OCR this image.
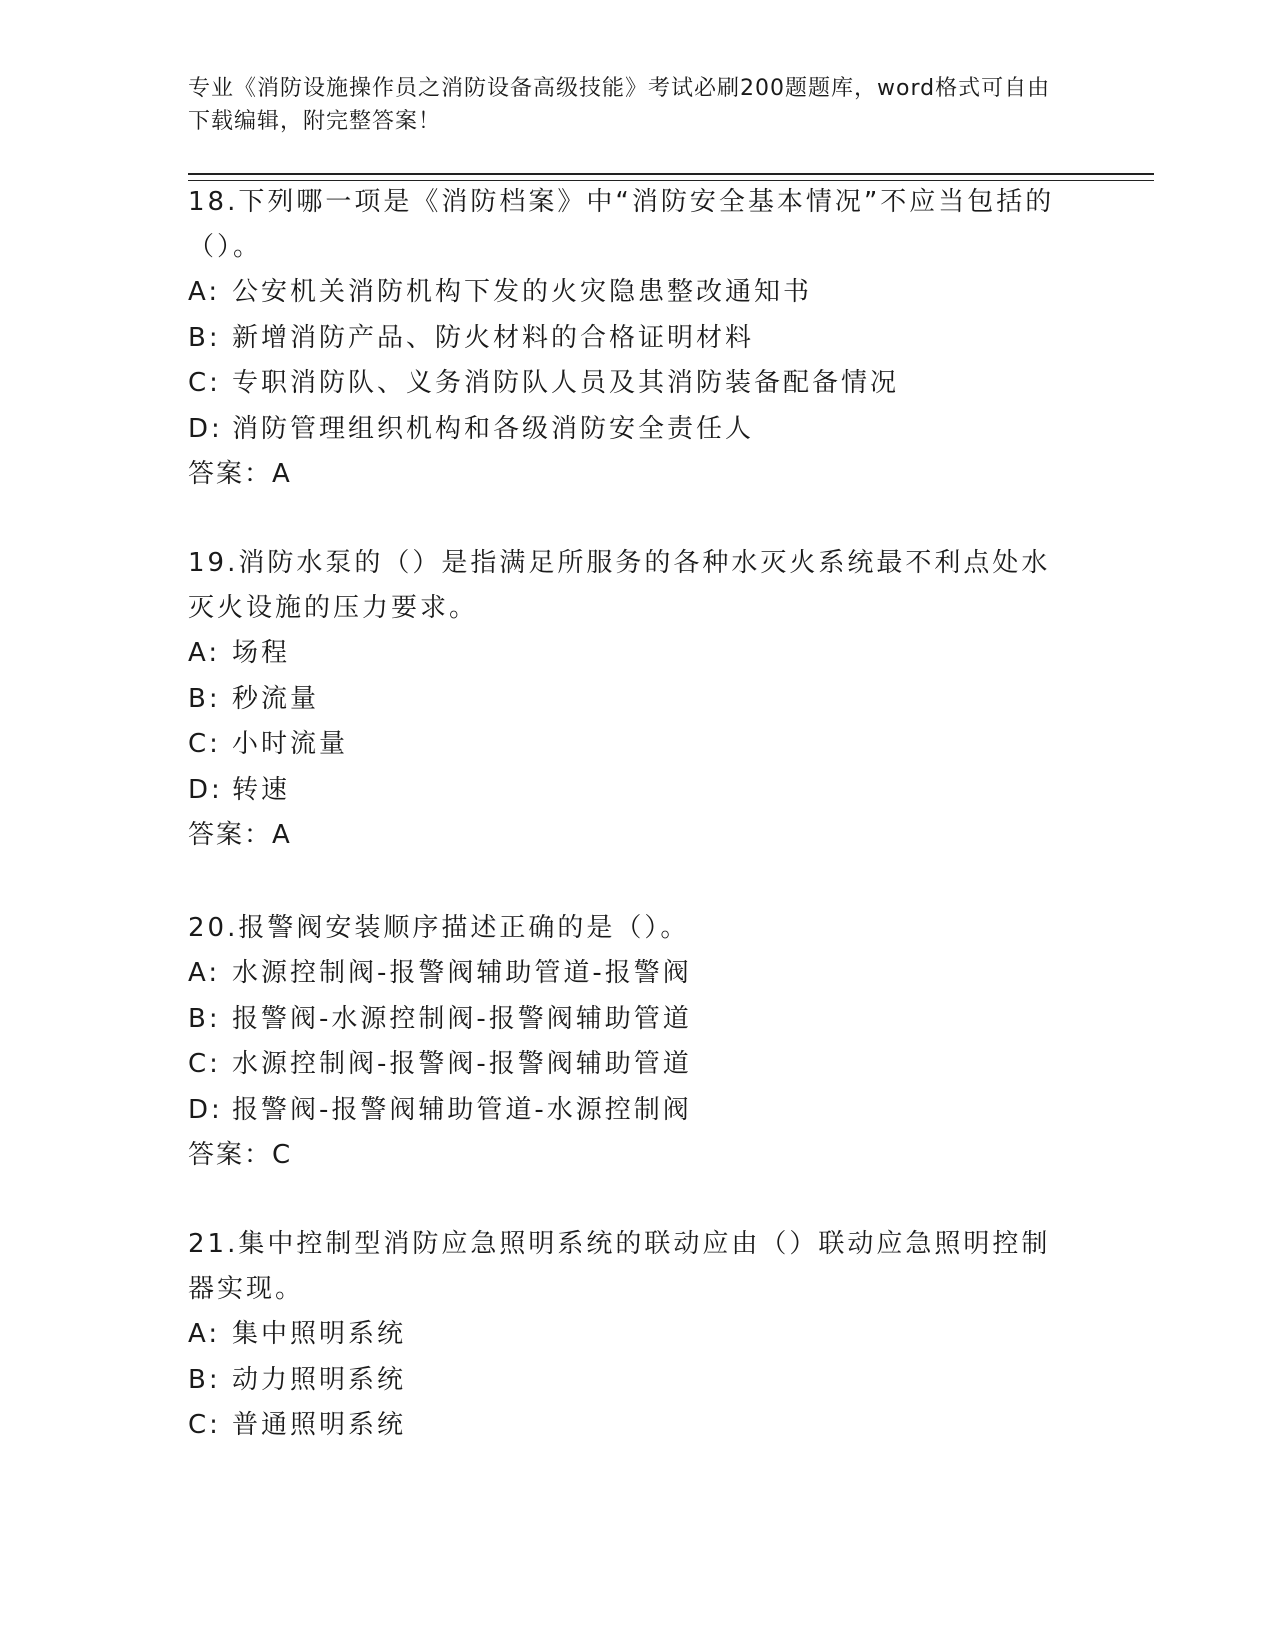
专业《消防设施操作员之消防设备高级技能》考试必刷200题题库，word格式可自由下载编辑，附完整答案！
18.下列哪一项是《消防档案》中“消防安全基本情况”不应当包括的（）。
A: 公安机关消防机构下发的火灾隐患整改通知书
B: 新增消防产品、防火材料的合格证明材料
C: 专职消防队、义务消防队人员及其消防装备配备情况
D: 消防管理组织机构和各级消防安全责任人
答案：A
19.消防水泵的（）是指满足所服务的各种水灭火系统最不利点处水灭火设施的压力要求。
A: 场程
B: 秒流量
C: 小时流量
D: 转速
答案：A
20.报警阀安装顺序描述正确的是（）。
A: 水源控制阀-报警阀辅助管道-报警阀
B: 报警阀-水源控制阀-报警阀辅助管道
C: 水源控制阀-报警阀-报警阀辅助管道
D: 报警阀-报警阀辅助管道-水源控制阀
答案：C
21.集中控制型消防应急照明系统的联动应由（）联动应急照明控制器实现。
A: 集中照明系统
B: 动力照明系统
C: 普通照明系统
